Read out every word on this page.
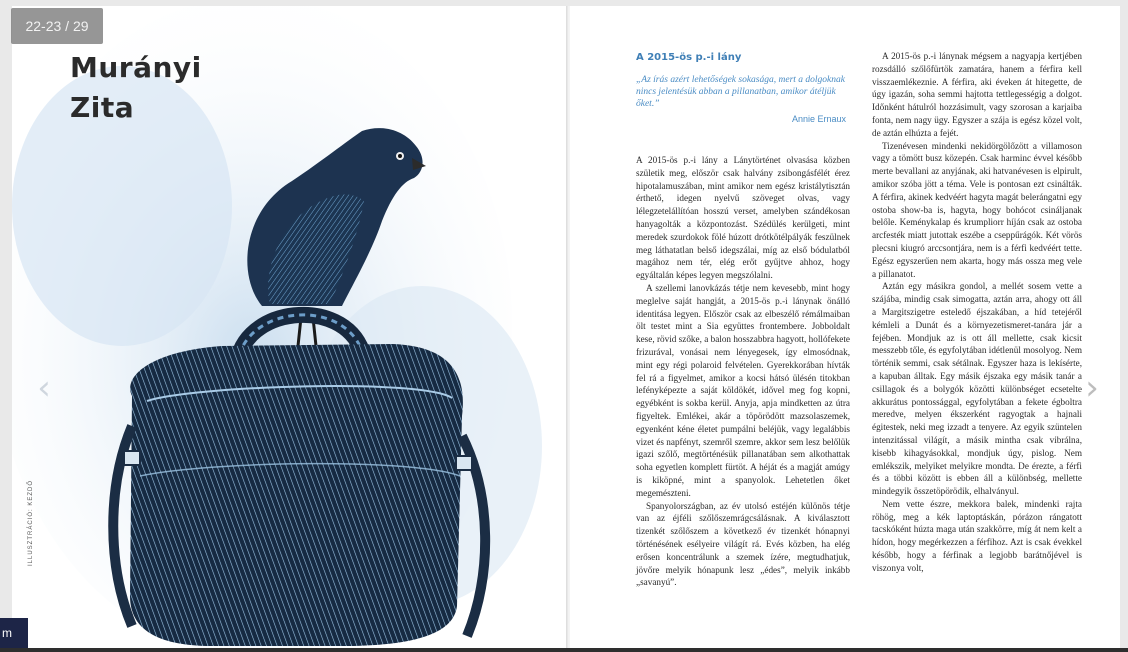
Murányi
Zita
ILLUSZTRÁCIÓ: KEZDŐ
A 2015-ös p.-i lány
„Az írás azért lehetőségek sokasága, mert a dolgoknak nincs jelentésük abban a pillanatban, amikor átéljük őket.”
Annie Ernaux

A 2015-ös p.-i lány a Lánytörténet olvasása közben születik meg, először csak halvány zsibongásfélét érez hipotalamuszában, mint amikor nem egész kristálytisztán érthető, idegen nyelvű szöveget olvas, vagy lélegzetelállítóan hosszú verset, amelyben szándékosan hanyagolták a központozást. Szédülés kerülgeti, mint meredek szurdokok fölé húzott drótkötélpályák feszülnek meg láthatatlan belső idegszálai, míg az első bódulatból magához nem tér, elég erőt gyűjtve ahhoz, hogy egyáltalán képes legyen megszólalni.

A szellemi lanovkázás tétje nem kevesebb, mint hogy meglelve saját hangját, a 2015-ös p.-i lánynak önálló identitása legyen. Először csak az elbeszélő rémálmaiban ölt testet mint a Sia együttes frontembere. Jobboldalt kese, rövid szőke, a balon hosszabbra hagyott, hollófekete frizurával, vonásai nem lényegesek, így elmosódnak, mint egy régi polaroid felvételen. Gyerekkorában hívták fel rá a figyelmet, amikor a kocsi hátsó ülésén titokban lefényképezte a saját köldökét, idővel meg fog kopni, egyébként is sokba kerül. Anyja, apja mindketten az útra figyeltek. Emlékei, akár a töpörödött mazsolaszemek, egyenként kéne életet pumpálni beléjük, vagy legalábbis vizet és napfényt, szemről szemre, akkor sem lesz belőlük igazi szőlő, megtörténésük pillanatában sem alkothattak soha egyetlen komplett fürtöt. A héját és a magját amúgy is kiköpné, mint a spanyolok. Lehetetlen őket megemészteni.

Spanyolországban, az év utolsó estéjén különös tétje van az éjféli szőlőszemrágcsálásnak. A kiválasztott tizenkét szőlőszem a következő év tizenkét hónapnyi történésének esélyeire világít rá. Evés közben, ha elég erősen koncentrálunk a szemek ízére, megtudhatjuk, jövőre melyik hónapunk lesz „édes”, melyik inkább „savanyú”.

A 2015-ös p.-i lánynak mégsem a nagyapja kertjében rozsdálló szőlőfürtök zamatára, hanem a férfira kell visszaemlékeznie. A férfira, aki éveken át hitegette, de úgy igazán, soha semmi hajtotta tettlegességig a dolgot. Időnként hátulról hozzásimult, vagy szorosan a karjaiba fonta, nem nagy ügy. Egyszer a szája is egész közel volt, de aztán elhúzta a fejét.

Tizenévesen mindenki nekidörgölőzött a villamoson vagy a tömött busz közepén. Csak harminc évvel később merte bevallani az anyjának, aki hatvanévesen is elpirult, amikor szóba jött a téma. Vele is pontosan ezt csinálták. A férfira, akinek kedvéért hagyta magát belerángatni egy ostoba show-ba is, hagyta, hogy bohócot csináljanak belőle. Keménykalap és krumpliorr híján csak az ostoba arcfesték miatt jutottak eszébe a cseppűrágók. Két vörös plecsni kiugró arccsontjára, nem is a férfi kedvéért tette. Egész egyszerűen nem akarta, hogy más ossza meg vele a pillanatot.

Aztán egy másikra gondol, a mellét sosem vette a szájába, mindig csak simogatta, aztán arra, ahogy ott áll a Margitszigetre esteledő éjszakában, a híd tetejéről kémleli a Dunát és a környezetismeret-tanára jár a fejében. Mondjuk az is ott áll mellette, csak kicsit messzebb tőle, és egyfolytában idétlenül mosolyog. Nem történik semmi, csak sétálnak. Egyszer haza is lekísérte, a kapuban álltak. Egy másik éjszaka egy másik tanár a csillagok és a bolygók közötti különbséget ecsetelte akkurátus pontossággal, egyfolytában a fekete égboltra meredve, melyen ékszerként ragyogtak a hajnali égitestek, neki meg izzadt a tenyere. Az egyik szüntelen intenzitással világít, a másik mintha csak vibrálna, kisebb kihagyásokkal, mondjuk úgy, pislog. Nem emlékszik, melyiket melyikre mondta. De érezte, a férfi és a többi között is ebben áll a különbség, mellette mindegyik összetöpörödik, elhalványul.

Nem vette észre, mekkora balek, mindenki rajta röhög, meg a kék laptoptáskán, pórázon rángatott tacskóként húzta maga után szakkörre, míg át nem kelt a hídon, hogy megérkezzen a férfihoz. Azt is csak évekkel később, hogy a férfinak a legjobb barátnőjével is viszonya volt,

22-23 / 29
‹	›
m
